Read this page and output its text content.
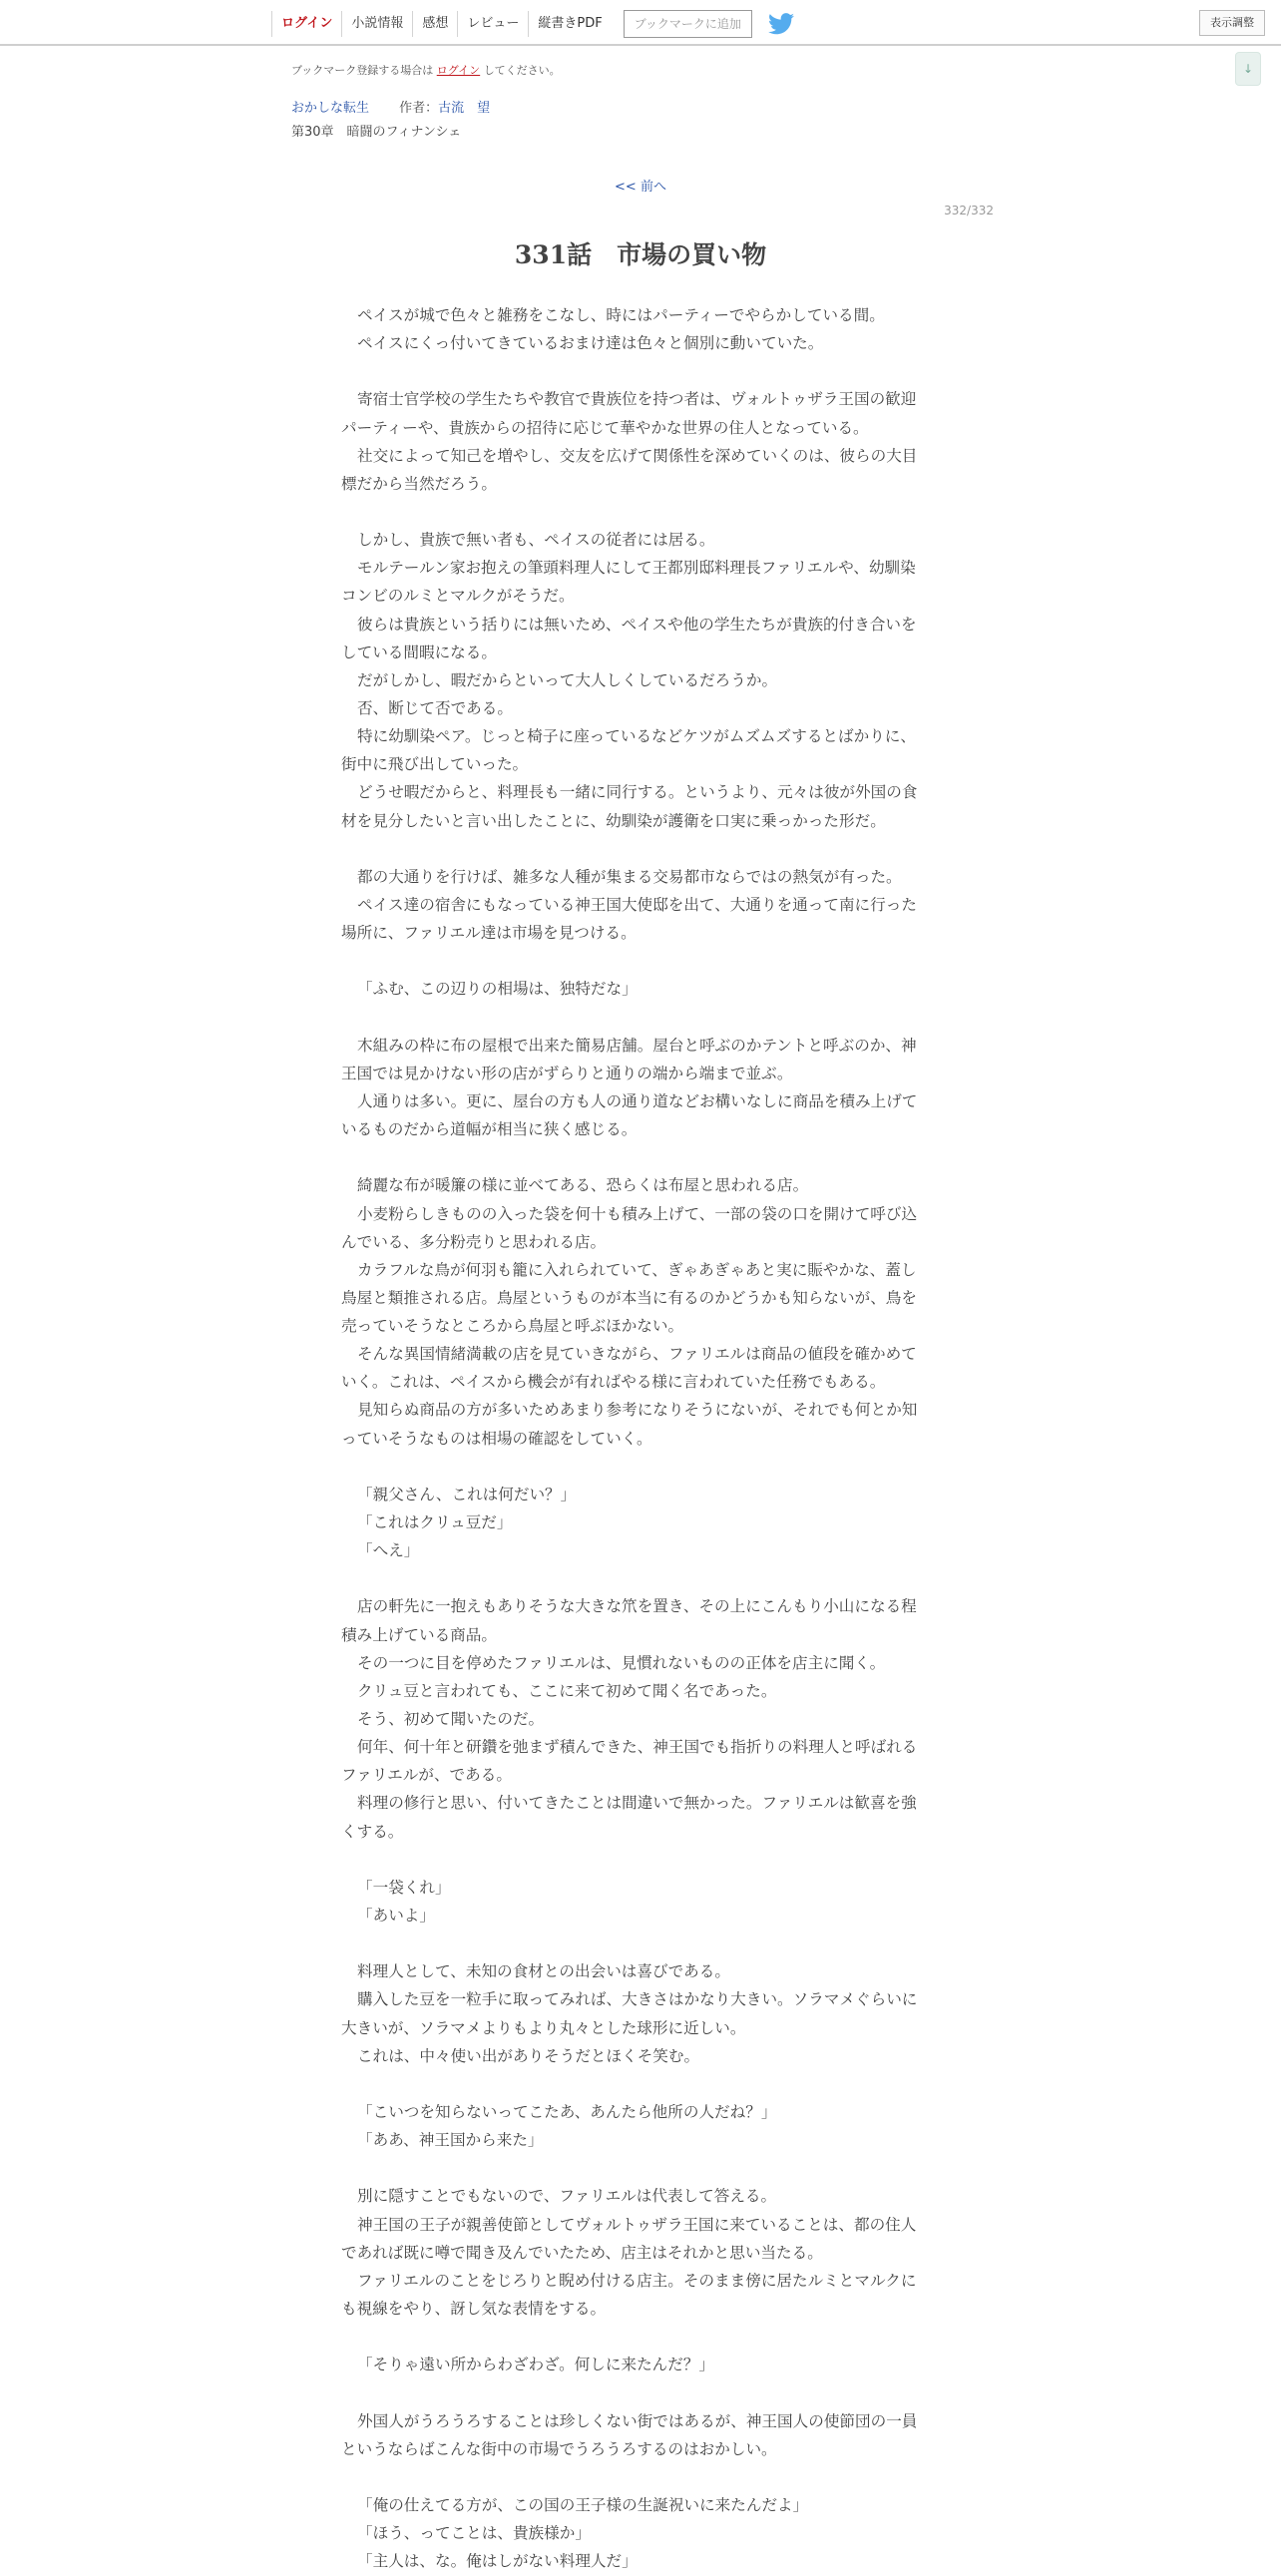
ログイン	小説情報	感想	レビュー	縦書きPDF	ブックマークに追加	表示調整
↓
ブックマーク登録する場合は ログイン してください。
おかしな転生 作者：古流　望
第30章　暗闘のフィナンシェ
<< 前へ
332/332
331話　市場の買い物
ペイスが城で色々と雑務をこなし、時にはパーティーでやらかしている間。
ペイスにくっ付いてきているおまけ達は色々と個別に動いていた。
寄宿士官学校の学生たちや教官で貴族位を持つ者は、ヴォルトゥザラ王国の歓迎
パーティーや、貴族からの招待に応じて華やかな世界の住人となっている。
社交によって知己を増やし、交友を広げて関係性を深めていくのは、彼らの大目
標だから当然だろう。
しかし、貴族で無い者も、ペイスの従者には居る。
モルテールン家お抱えの筆頭料理人にして王都別邸料理長ファリエルや、幼馴染
コンビのルミとマルクがそうだ。
彼らは貴族という括りには無いため、ペイスや他の学生たちが貴族的付き合いを
している間暇になる。
だがしかし、暇だからといって大人しくしているだろうか。
否、断じて否である。
特に幼馴染ペア。じっと椅子に座っているなどケツがムズムズするとばかりに、
街中に飛び出していった。
どうせ暇だからと、料理長も一緒に同行する。というより、元々は彼が外国の食
材を見分したいと言い出したことに、幼馴染が護衛を口実に乗っかった形だ。
都の大通りを行けば、雑多な人種が集まる交易都市ならではの熱気が有った。
ペイス達の宿舎にもなっている神王国大使邸を出て、大通りを通って南に行った
場所に、ファリエル達は市場を見つける。
「ふむ、この辺りの相場は、独特だな」
木組みの枠に布の屋根で出来た簡易店舗。屋台と呼ぶのかテントと呼ぶのか、神
王国では見かけない形の店がずらりと通りの端から端まで並ぶ。
人通りは多い。更に、屋台の方も人の通り道などお構いなしに商品を積み上げて
いるものだから道幅が相当に狭く感じる。
綺麗な布が暖簾の様に並べてある、恐らくは布屋と思われる店。
小麦粉らしきものの入った袋を何十も積み上げて、一部の袋の口を開けて呼び込
んでいる、多分粉売りと思われる店。
カラフルな鳥が何羽も籠に入れられていて、ぎゃあぎゃあと実に賑やかな、蓋し
鳥屋と類推される店。鳥屋というものが本当に有るのかどうかも知らないが、鳥を
売っていそうなところから鳥屋と呼ぶほかない。
そんな異国情緒満載の店を見ていきながら、ファリエルは商品の値段を確かめて
いく。これは、ペイスから機会が有ればやる様に言われていた任務でもある。
見知らぬ商品の方が多いためあまり参考になりそうにないが、それでも何とか知
っていそうなものは相場の確認をしていく。
「親父さん、これは何だい？」
「これはクリュ豆だ」
「へえ」
店の軒先に一抱えもありそうな大きな笊を置き、その上にこんもり小山になる程
積み上げている商品。
その一つに目を停めたファリエルは、見慣れないものの正体を店主に聞く。
クリュ豆と言われても、ここに来て初めて聞く名であった。
そう、初めて聞いたのだ。
何年、何十年と研鑽を弛まず積んできた、神王国でも指折りの料理人と呼ばれる
ファリエルが、である。
料理の修行と思い、付いてきたことは間違いで無かった。ファリエルは歓喜を強
くする。
「一袋くれ」
「あいよ」
料理人として、未知の食材との出会いは喜びである。
購入した豆を一粒手に取ってみれば、大きさはかなり大きい。ソラマメぐらいに
大きいが、ソラマメよりもより丸々とした球形に近しい。
これは、中々使い出がありそうだとほくそ笑む。
「こいつを知らないってこたあ、あんたら他所の人だね？」
「ああ、神王国から来た」
別に隠すことでもないので、ファリエルは代表して答える。
神王国の王子が親善使節としてヴォルトゥザラ王国に来ていることは、都の住人
であれば既に噂で聞き及んでいたため、店主はそれかと思い当たる。
ファリエルのことをじろりと睨め付ける店主。そのまま傍に居たルミとマルクに
も視線をやり、訝し気な表情をする。
「そりゃ遠い所からわざわざ。何しに来たんだ？」
外国人がうろうろすることは珍しくない街ではあるが、神王国人の使節団の一員
というならばこんな街中の市場でうろうろするのはおかしい。
「俺の仕えてる方が、この国の王子様の生誕祝いに来たんだよ」
「ほう、ってことは、貴族様か」
「主人は、な。俺はしがない料理人だ」
